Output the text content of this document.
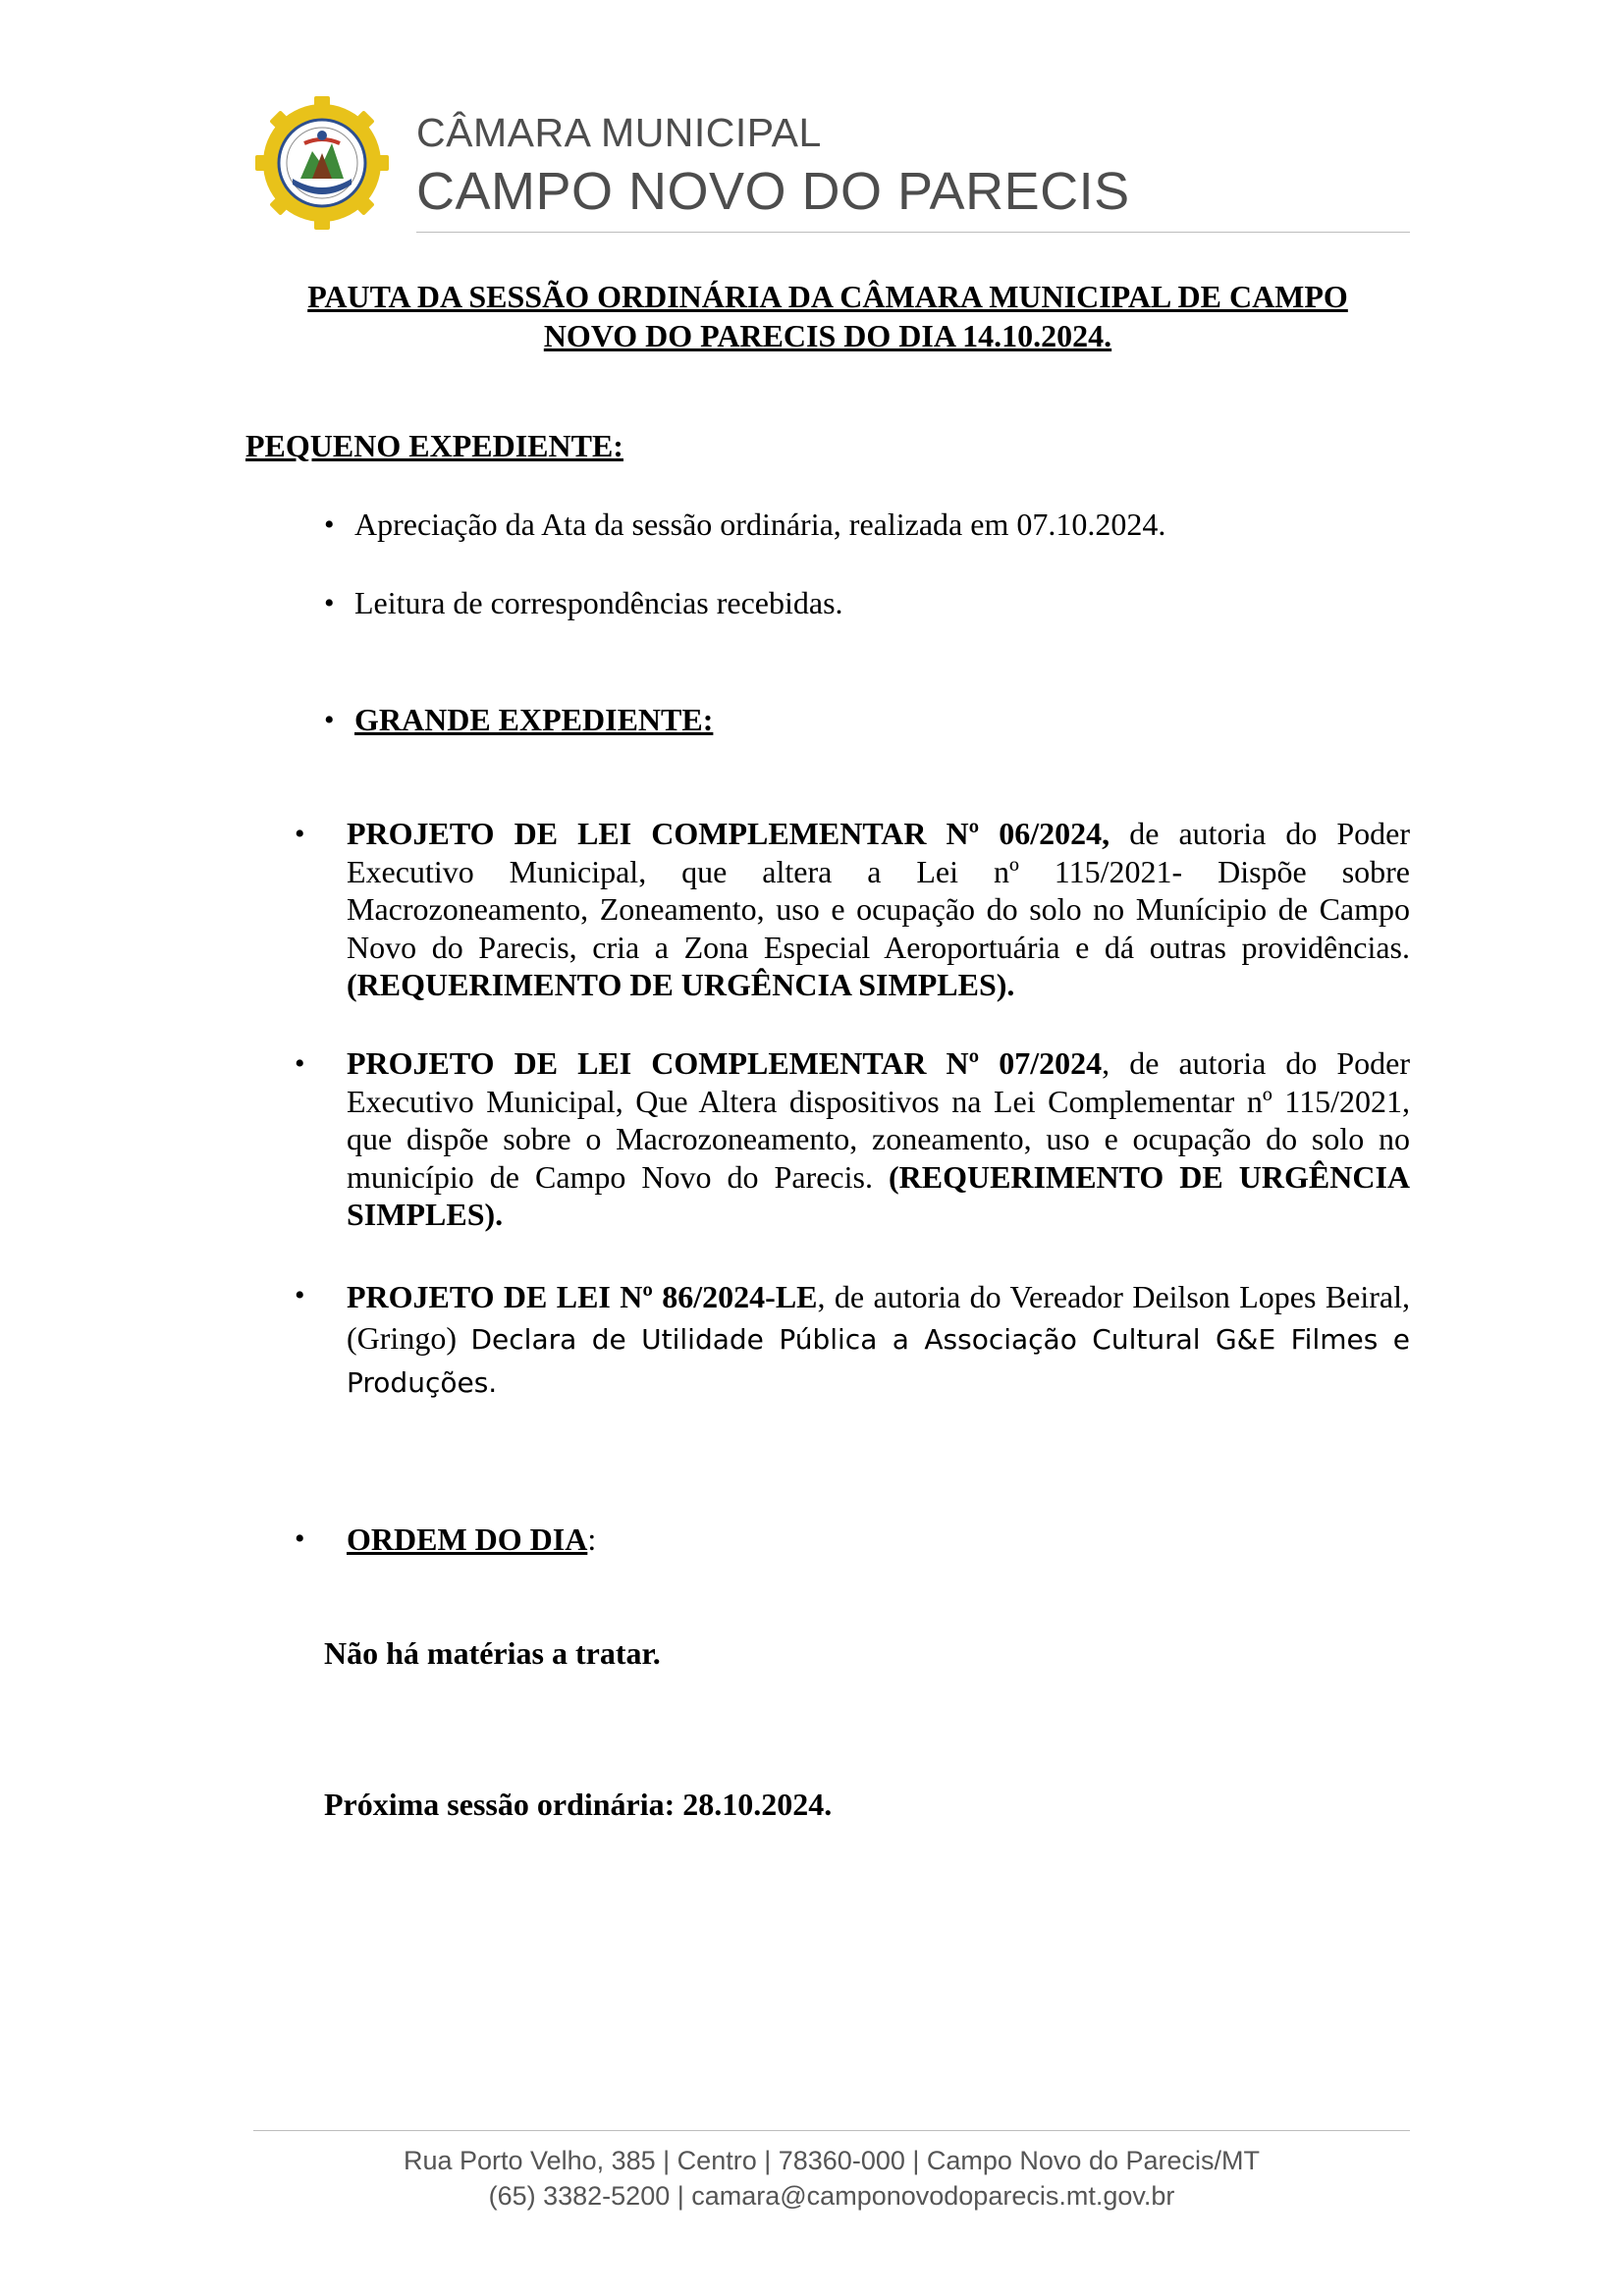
CÂMARA MUNICIPAL
CAMPO NOVO DO PARECIS
PAUTA DA SESSÃO ORDINÁRIA DA CÂMARA MUNICIPAL DE CAMPO
NOVO DO PARECIS DO DIA 14.10.2024.
PEQUENO EXPEDIENTE:
• Apreciação da Ata da sessão ordinária, realizada em 07.10.2024.
• Leitura de correspondências recebidas.
• GRANDE EXPEDIENTE:
• PROJETO DE LEI COMPLEMENTAR Nº 06/2024, de autoria do Poder Executivo Municipal, que altera a Lei nº 115/2021- Dispõe sobre Macrozoneamento, Zoneamento, uso e ocupação do solo no Munícipio de Campo Novo do Parecis, cria a Zona Especial Aeroportuária e dá outras providências. (REQUERIMENTO DE URGÊNCIA SIMPLES).
• PROJETO DE LEI COMPLEMENTAR Nº 07/2024, de autoria do Poder Executivo Municipal, Que Altera dispositivos na Lei Complementar nº 115/2021, que dispõe sobre o Macrozoneamento, zoneamento, uso e ocupação do solo no município de Campo Novo do Parecis. (REQUERIMENTO DE URGÊNCIA SIMPLES).
• PROJETO DE LEI Nº 86/2024-LE, de autoria do Vereador Deilson Lopes Beiral, (Gringo) Declara de Utilidade Pública a Associação Cultural G&E Filmes e Produções.
• ORDEM DO DIA:
Não há matérias a tratar.
Próxima sessão ordinária: 28.10.2024.
Rua Porto Velho, 385 | Centro | 78360-000 | Campo Novo do Parecis/MT
(65) 3382-5200 | camara@camponovodoparecis.mt.gov.br
